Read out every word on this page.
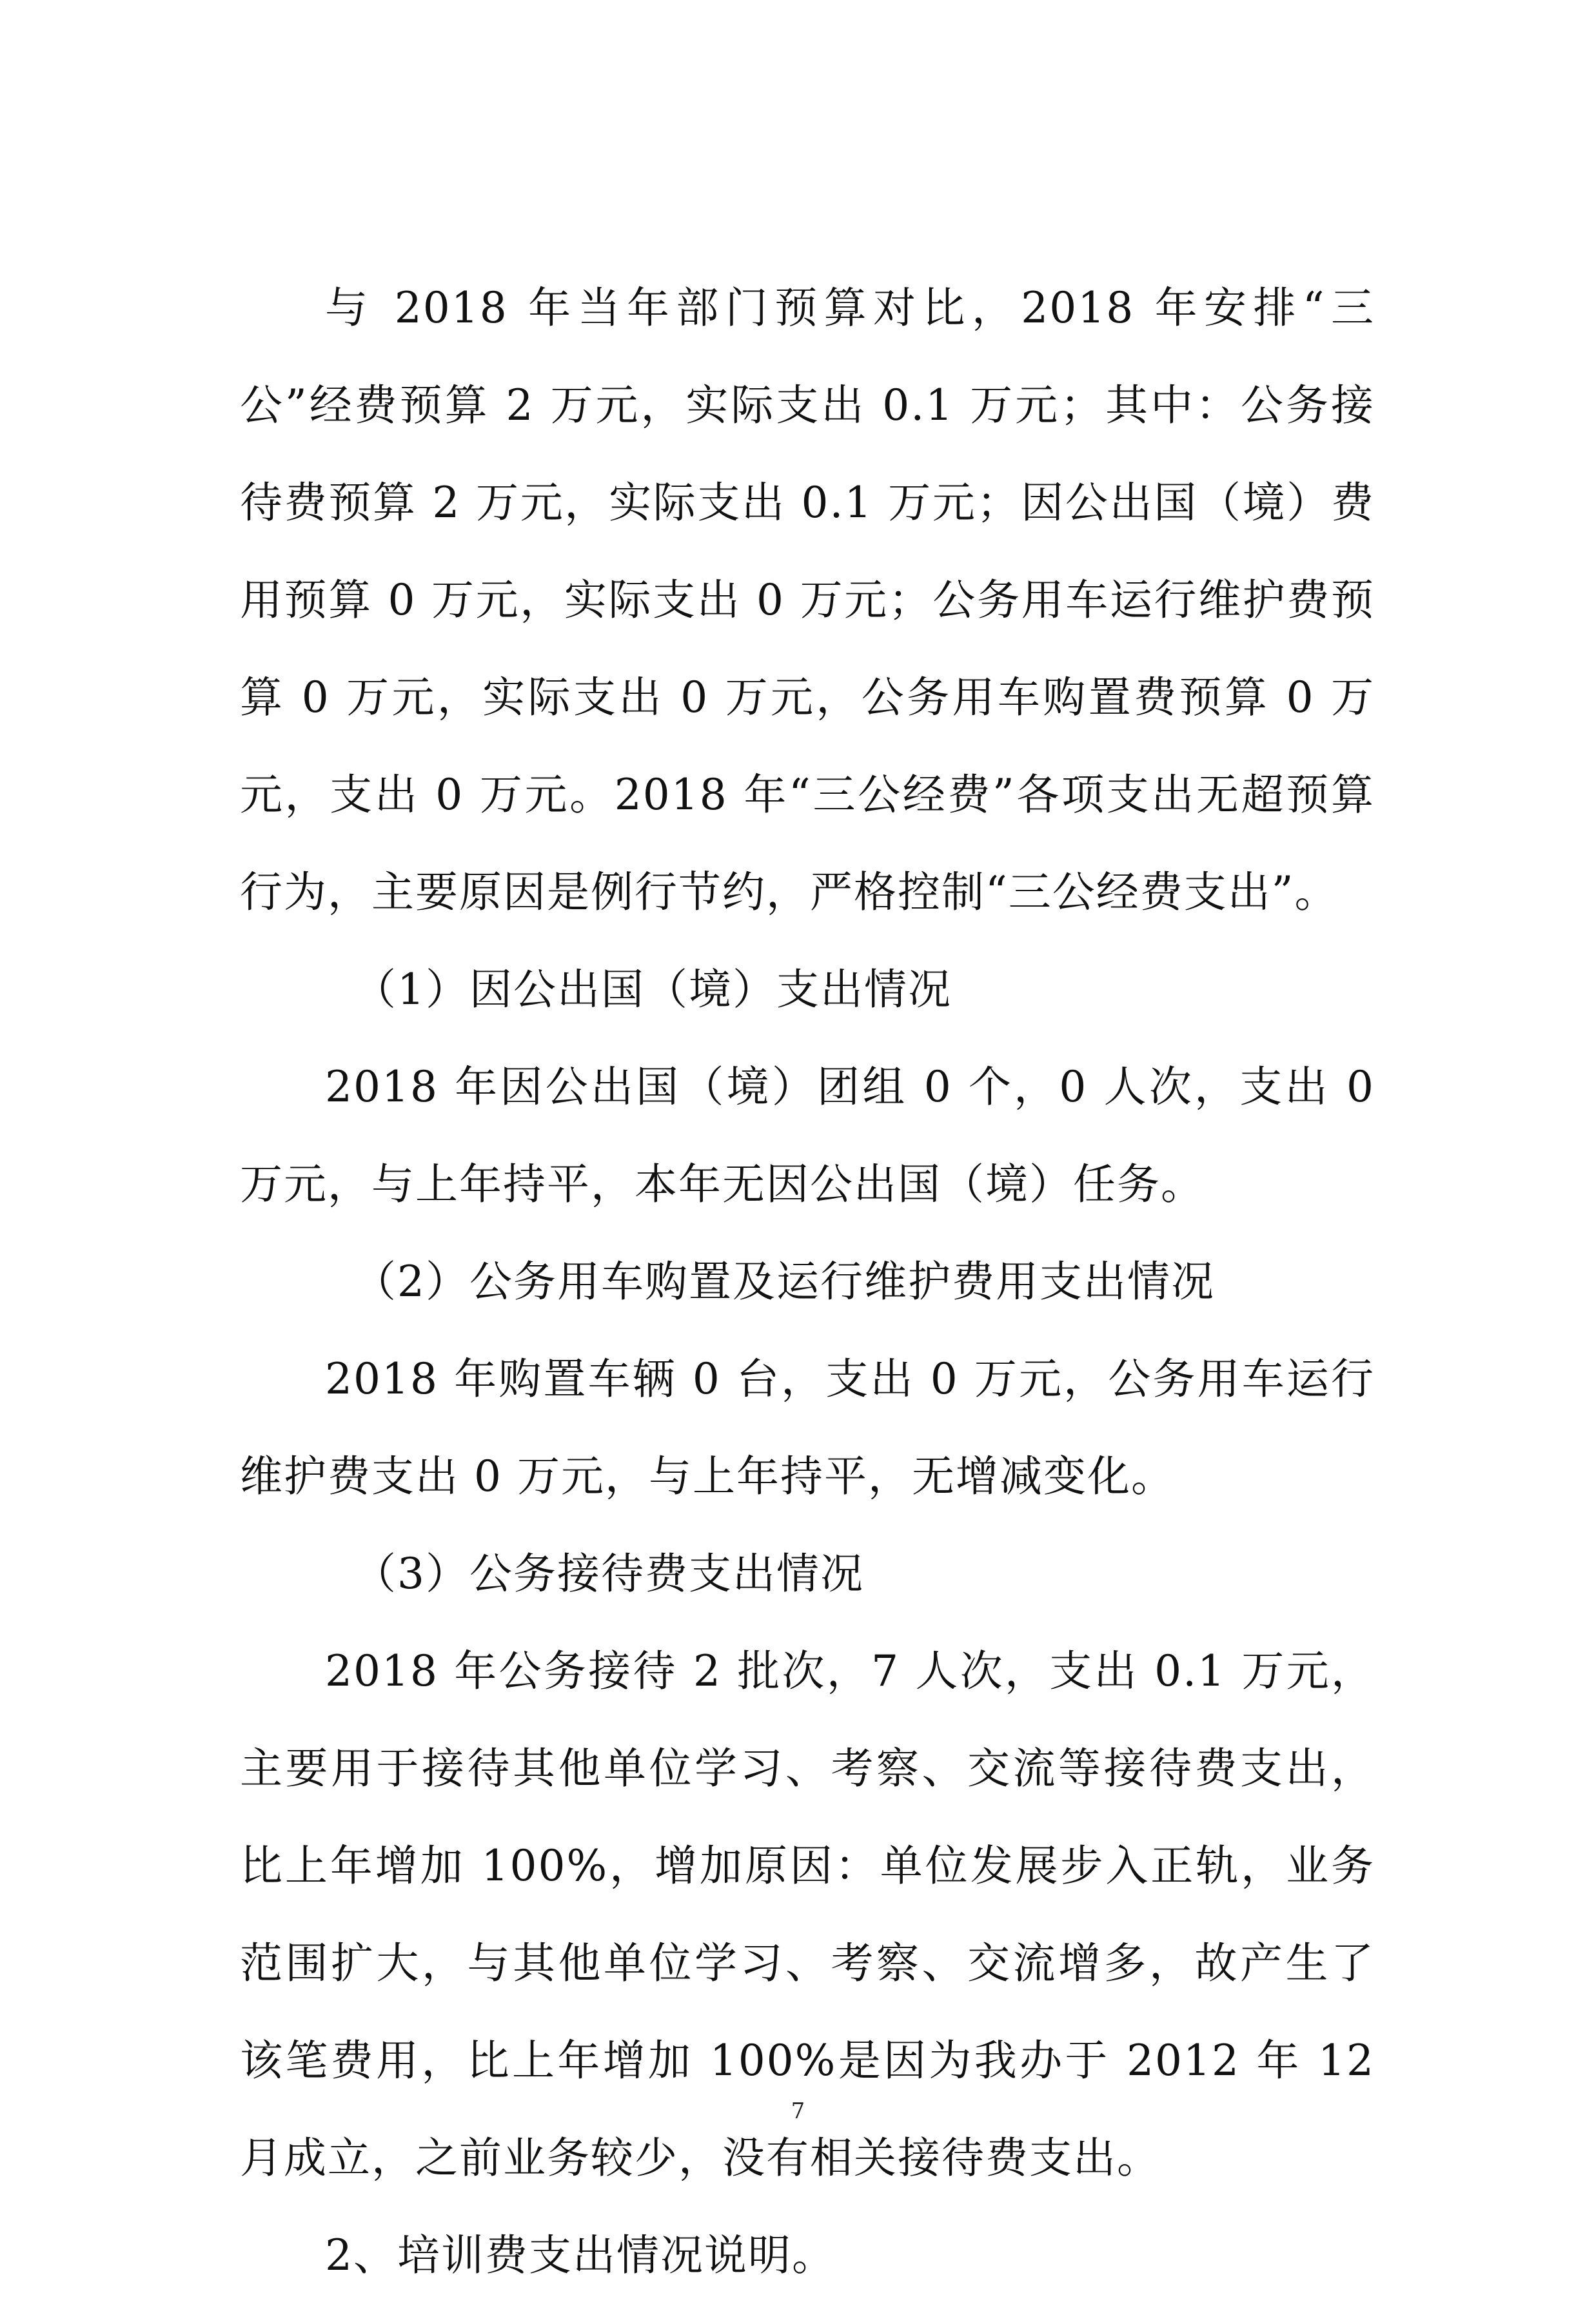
与 2018 年当年部门预算对比，2018 年安排“三公”经费预算 2 万元，实际支出 0.1 万元；其中：公务接待费预算 2 万元，实际支出 0.1 万元；因公出国（境）费用预算 0 万元，实际支出 0 万元；公务用车运行维护费预算 0 万元，实际支出 0 万元，公务用车购置费预算 0 万元，支出 0 万元。2018 年“三公经费”各项支出无超预算行为，主要原因是例行节约，严格控制“三公经费支出”。

（1）因公出国（境）支出情况

2018 年因公出国（境）团组 0 个，0 人次，支出 0 万元，与上年持平，本年无因公出国（境）任务。

（2）公务用车购置及运行维护费用支出情况

2018 年购置车辆 0 台，支出 0 万元，公务用车运行维护费支出 0 万元，与上年持平，无增减变化。

（3）公务接待费支出情况

2018 年公务接待 2 批次，7 人次，支出 0.1 万元，主要用于接待其他单位学习、考察、交流等接待费支出，比上年增加 100%，增加原因：单位发展步入正轨，业务范围扩大，与其他单位学习、考察、交流增多，故产生了该笔费用，比上年增加 100%是因为我办于 2012 年 12 月成立，之前业务较少，没有相关接待费支出。

2、培训费支出情况说明。

7
